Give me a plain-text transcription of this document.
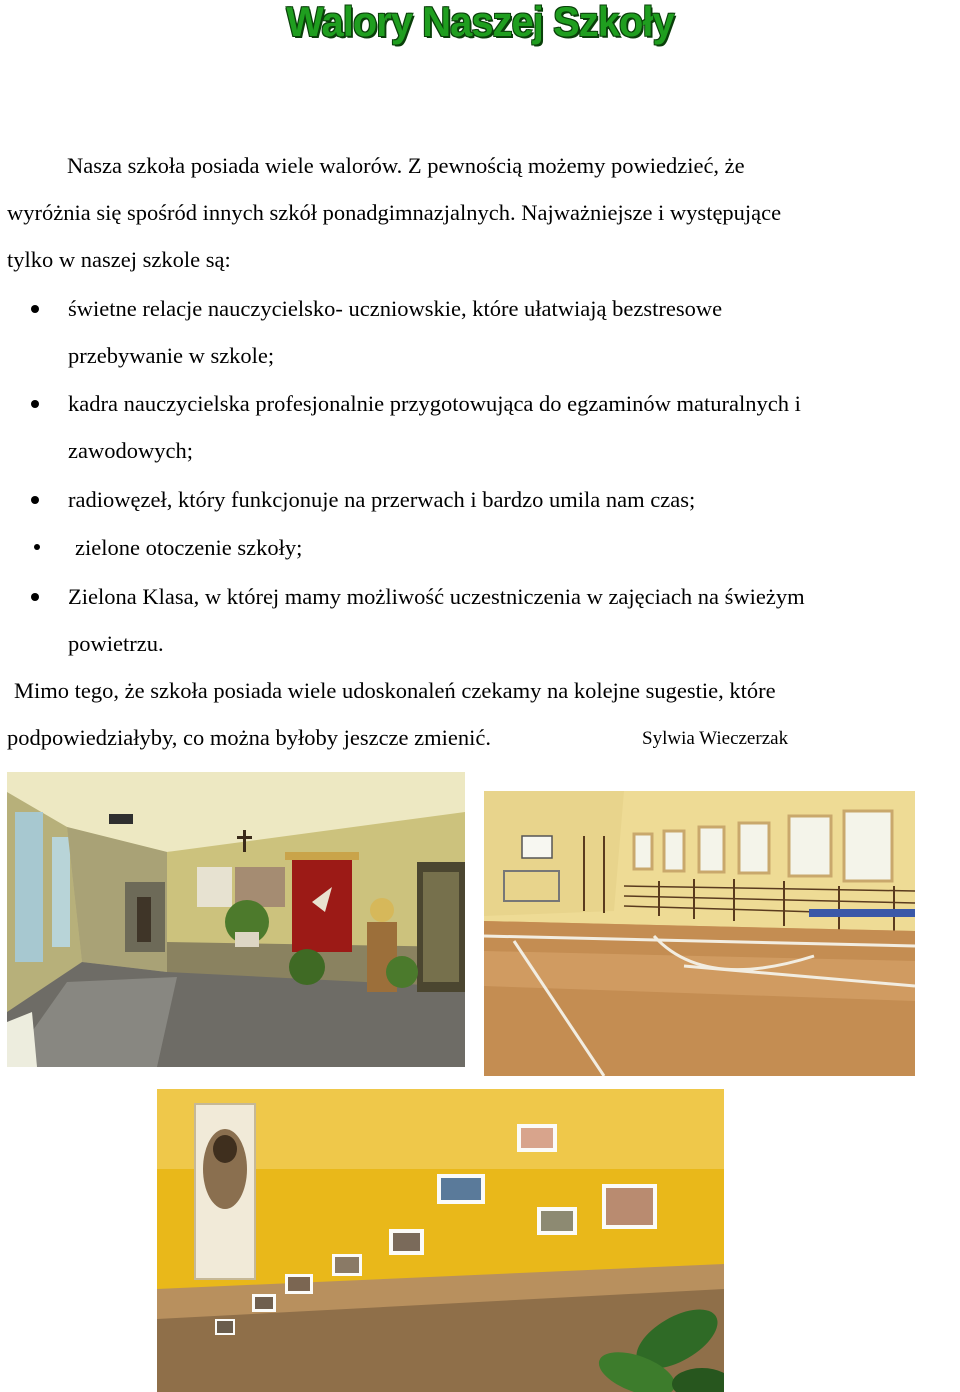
Walory Naszej Szkoły
Nasza szkoła posiada wiele walorów. Z pewnością możemy powiedzieć, że
wyróżnia się spośród innych szkół ponadgimnazjalnych. Najważniejsze i występujące
tylko w naszej szkole są:
świetne relacje nauczycielsko- uczniowskie, które ułatwiają bezstresowe
przebywanie w szkole;
kadra nauczycielska profesjonalnie przygotowująca do egzaminów maturalnych i
zawodowych;
radiowęzeł, który funkcjonuje na przerwach i bardzo umila nam czas;
zielone otoczenie szkoły;
Zielona Klasa, w której mamy możliwość uczestniczenia w zajęciach na świeżym
powietrzu.
Mimo tego, że szkoła posiada wiele udoskonaleń czekamy na kolejne sugestie, które
podpowiedziałyby, co można byłoby jeszcze zmienić.	Sylwia Wieczerzak
